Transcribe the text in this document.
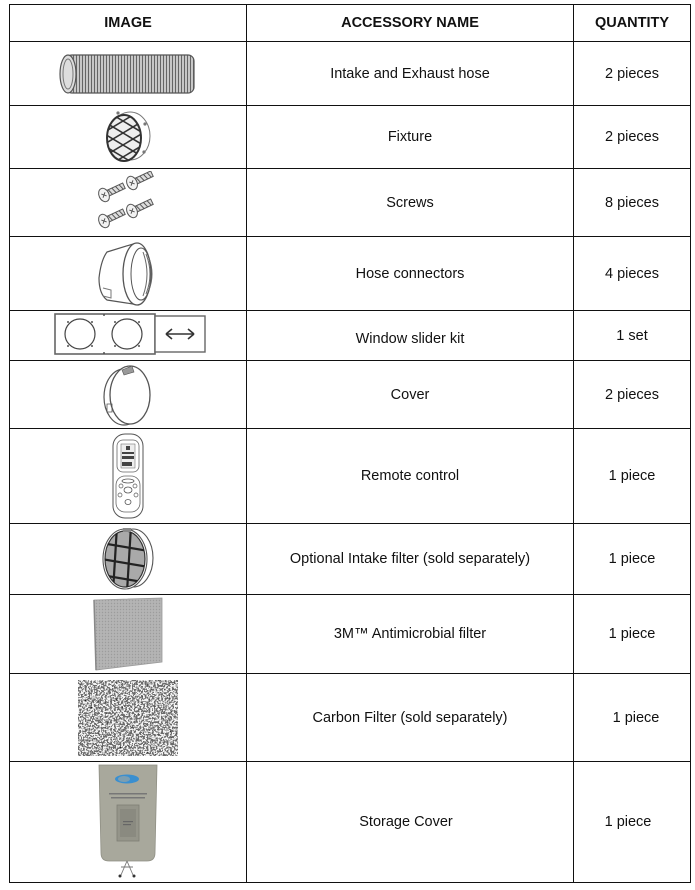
IMAGE	ACCESSORY NAME	QUANTITY

	Intake and Exhaust hose	2 pieces

	Fixture	2 pieces

	Screws	8 pieces

	Hose connectors	4 pieces

	Window slider kit	1 set

	Cover	2 pieces

	Remote control	1 piece

	Optional Intake filter (sold separately)	1 piece

	3M™ Antimicrobial filter	1 piece

	Carbon Filter (sold separately)	1 piece

	Storage Cover	1 piece
